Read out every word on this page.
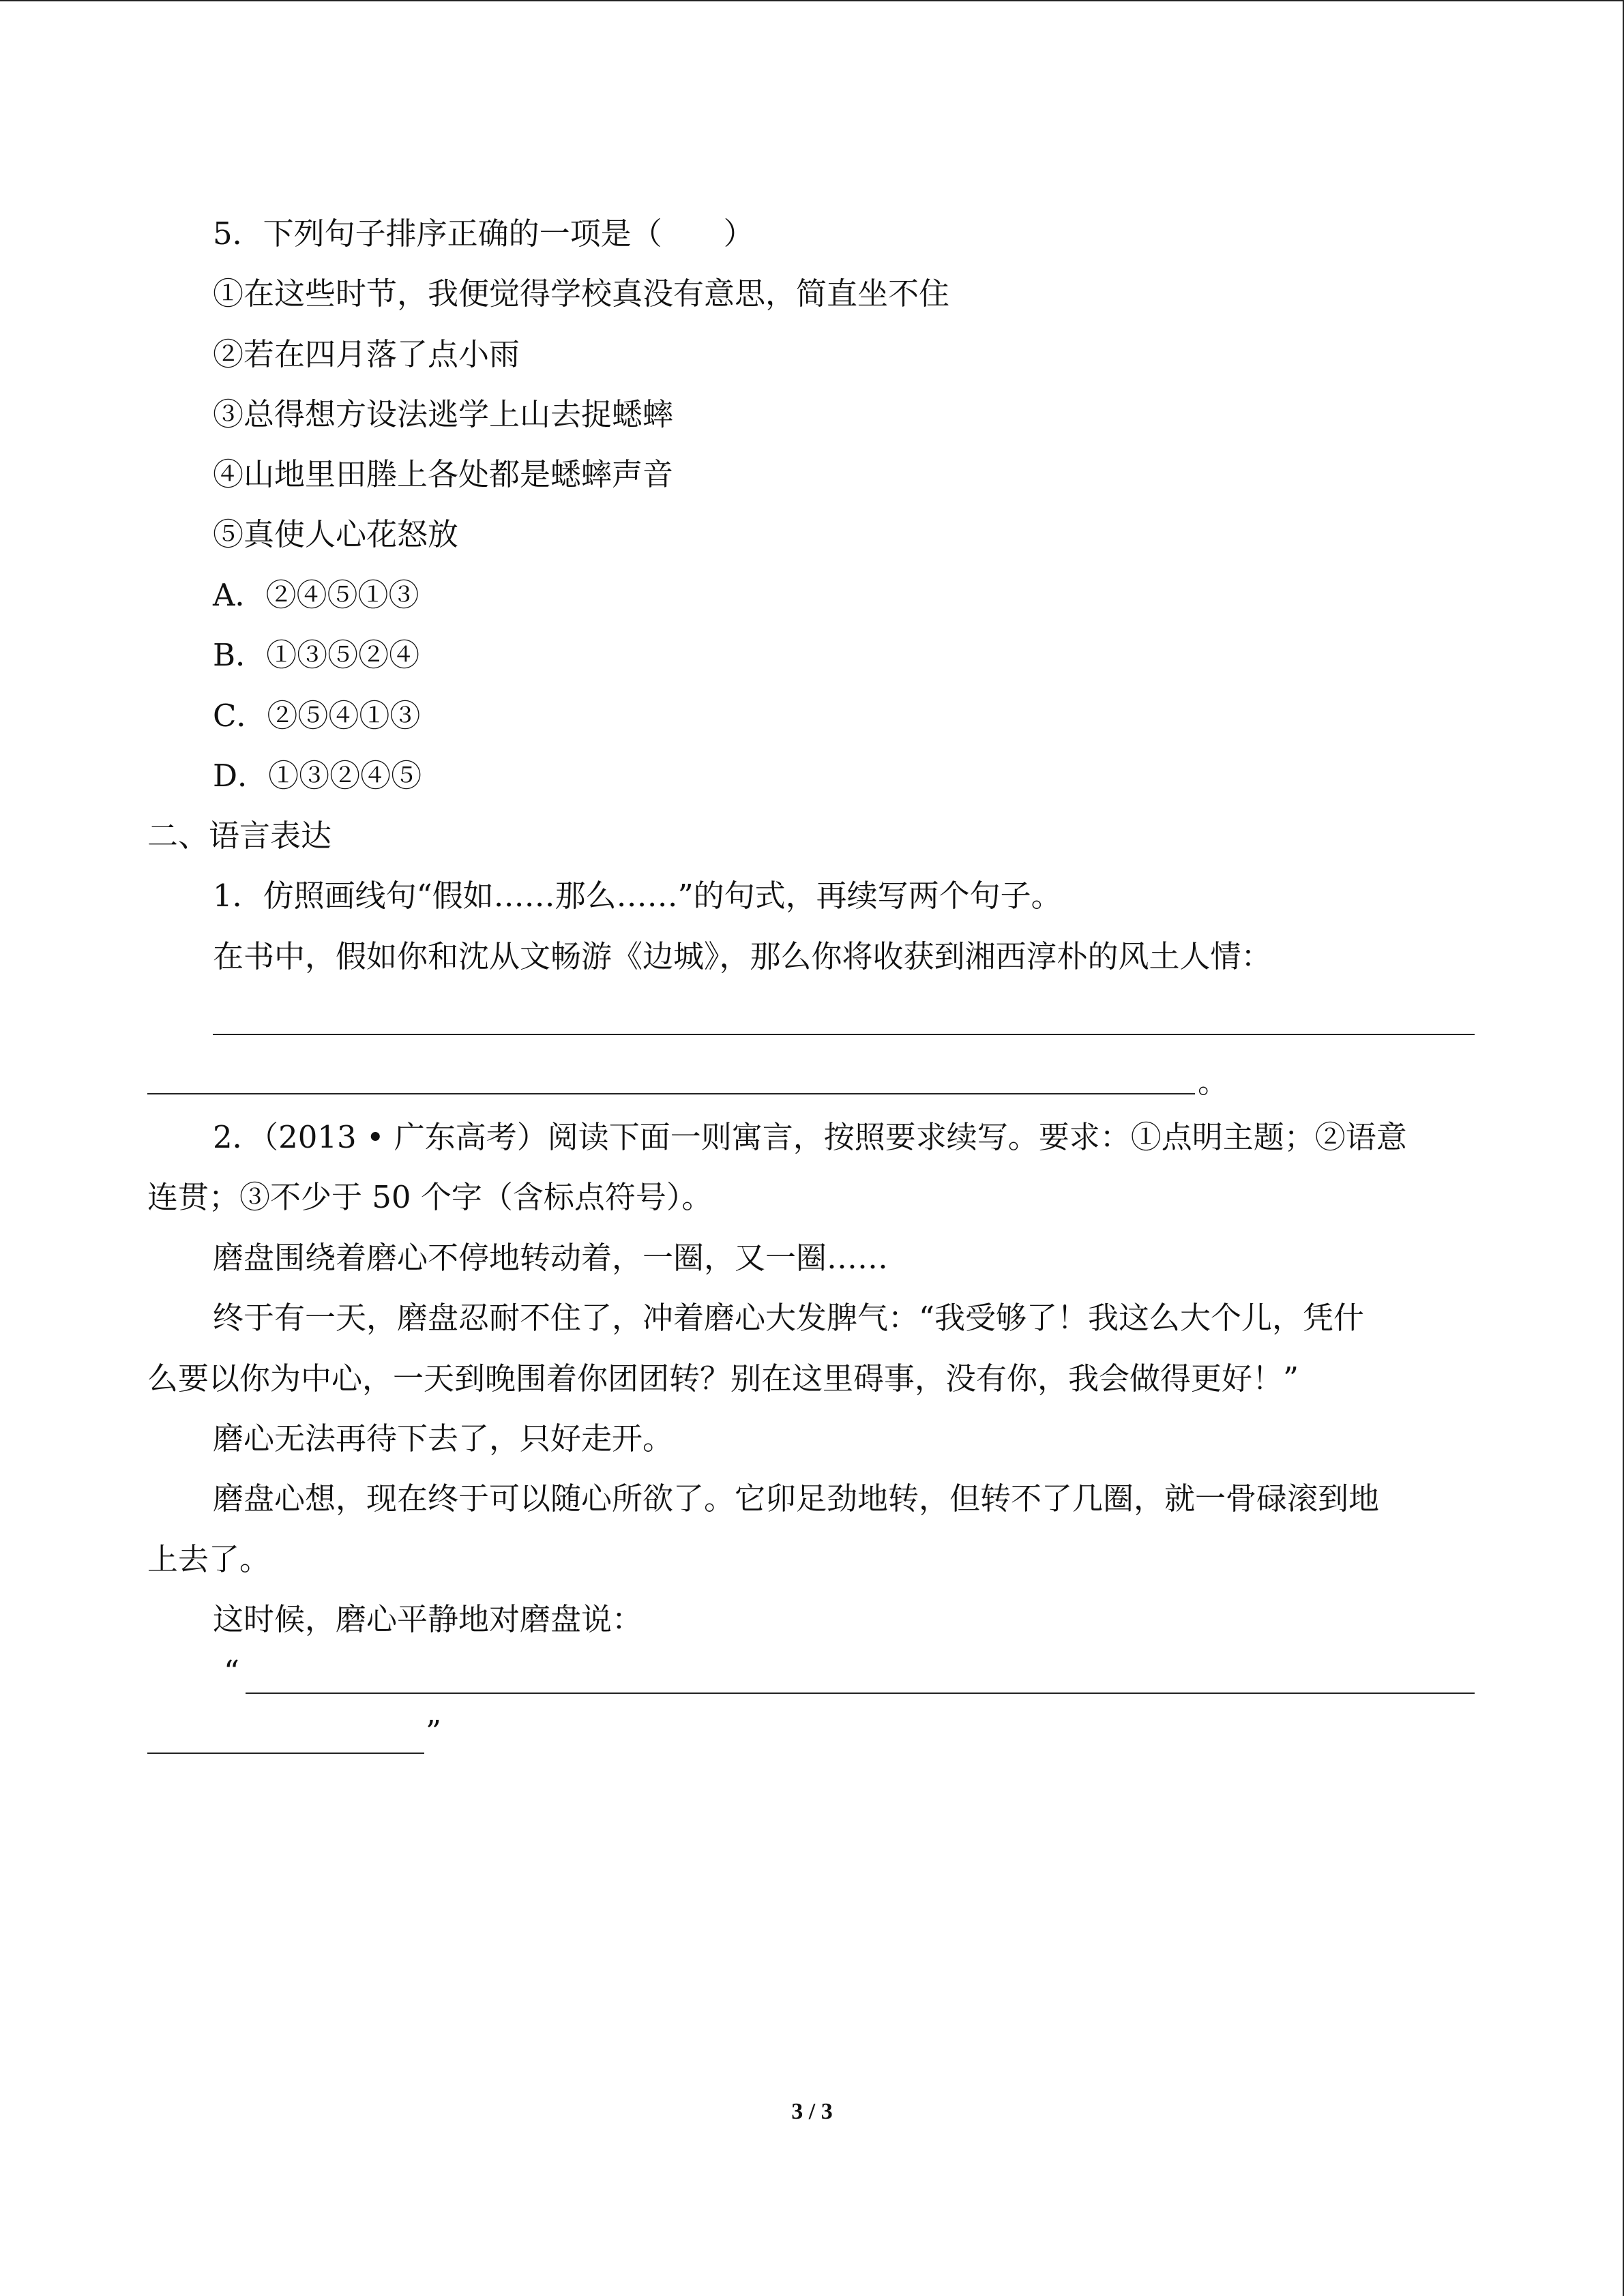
5．下列句子排序正确的一项是（　　）
①在这些时节，我便觉得学校真没有意思，简直坐不住
②若在四月落了点小雨
③总得想方设法逃学上山去捉蟋蟀
④山地里田塍上各处都是蟋蟀声音
⑤真使人心花怒放
A．②④⑤①③
B．①③⑤②④
C．②⑤④①③
D．①③②④⑤
二、语言表达
1．仿照画线句“假如……那么……”的句式，再续写两个句子。
在书中，假如你和沈从文畅游《边城》，那么你将收获到湘西淳朴的风土人情：
。
2．（2013 • 广东高考）阅读下面一则寓言，按照要求续写。要求：①点明主题；②语意
连贯；③不少于 50 个字（含标点符号）。
磨盘围绕着磨心不停地转动着，一圈，又一圈……
终于有一天，磨盘忍耐不住了，冲着磨心大发脾气：“我受够了！我这么大个儿，凭什
么要以你为中心，一天到晚围着你团团转？别在这里碍事，没有你，我会做得更好！”
磨心无法再待下去了，只好走开。
磨盘心想，现在终于可以随心所欲了。它卯足劲地转，但转不了几圈，就一骨碌滚到地
上去了。
这时候，磨心平静地对磨盘说：
“
”
3 / 3
